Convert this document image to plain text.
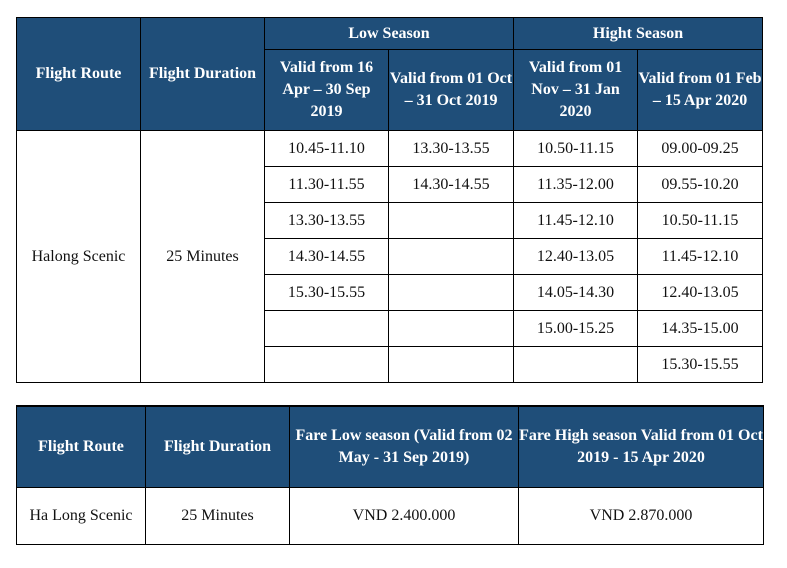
Flight Route	Flight Duration	Low Season		Hight Season	
		Valid from 16 Apr – 30 Sep 2019	Valid from 01 Oct – 31 Oct 2019	Valid from 01 Nov – 31 Jan 2020	Valid from 01 Feb – 15 Apr 2020
Halong Scenic	25 Minutes	10.45-11.10	13.30-13.55	10.50-11.15	09.00-09.25
		11.30-11.55	14.30-14.55	11.35-12.00	09.55-10.20
		13.30-13.55		11.45-12.10	10.50-11.15
		14.30-14.55		12.40-13.05	11.45-12.10
		15.30-15.55		14.05-14.30	12.40-13.05
				15.00-15.25	14.35-15.00
					15.30-15.55
Flight Route	Flight Duration	Fare Low season (Valid from 02 May - 31 Sep 2019)	Fare High season Valid from 01 Oct 2019 - 15 Apr 2020
Ha Long Scenic	25 Minutes	VND 2.400.000	VND 2.870.000
